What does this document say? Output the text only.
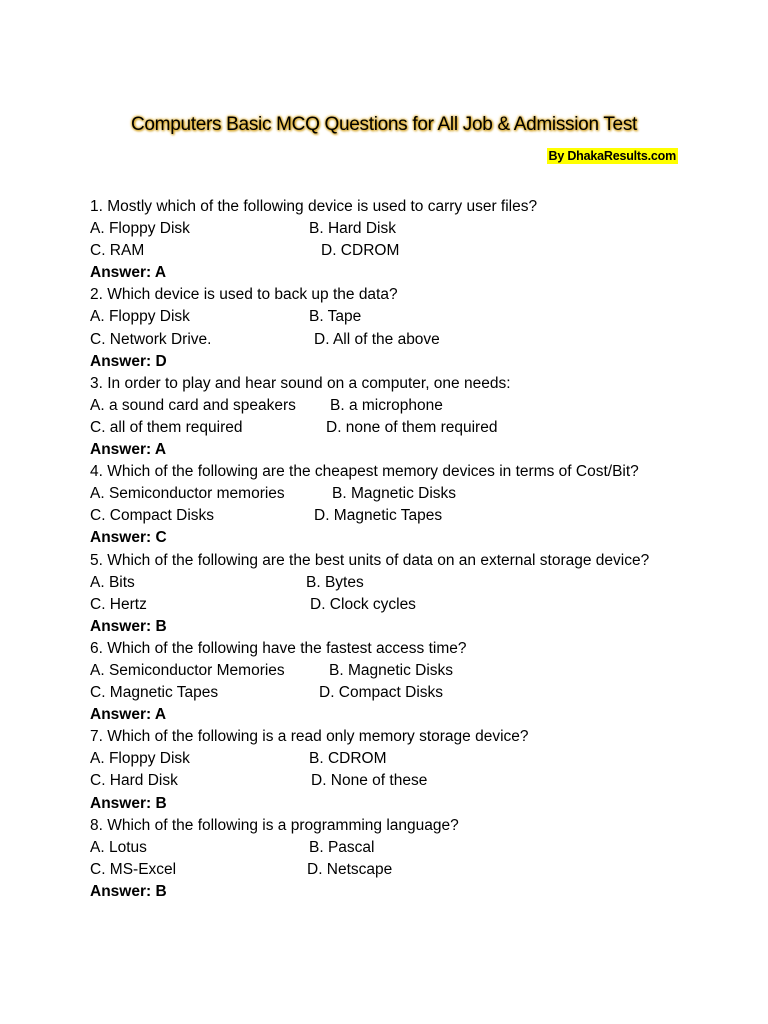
Computers Basic MCQ Questions for All Job & Admission Test
By DhakaResults.com
1. Mostly which of the following device is used to carry user files?
A. Floppy Disk	B. Hard Disk
C. RAM	D. CDROM
Answer: A
2. Which device is used to back up the data?
A. Floppy Disk	B. Tape
C. Network Drive.	D. All of the above
Answer: D
3. In order to play and hear sound on a computer, one needs:
A. a sound card and speakers B. a microphone
C. all of them required	D. none of them required
Answer: A
4. Which of the following are the cheapest memory devices in terms of Cost/Bit?
A. Semiconductor memories	B. Magnetic Disks
C. Compact Disks	D. Magnetic Tapes
Answer: C
5. Which of the following are the best units of data on an external storage device?
A. Bits	B. Bytes
C. Hertz	D. Clock cycles
Answer: B
6. Which of the following have the fastest access time?
A. Semiconductor Memories	B. Magnetic Disks
C. Magnetic Tapes	D. Compact Disks
Answer: A
7. Which of the following is a read only memory storage device?
A. Floppy Disk	B. CDROM
C. Hard Disk	D. None of these
Answer: B
8. Which of the following is a programming language?
A. Lotus	B. Pascal
C. MS-Excel	D. Netscape
Answer: B
